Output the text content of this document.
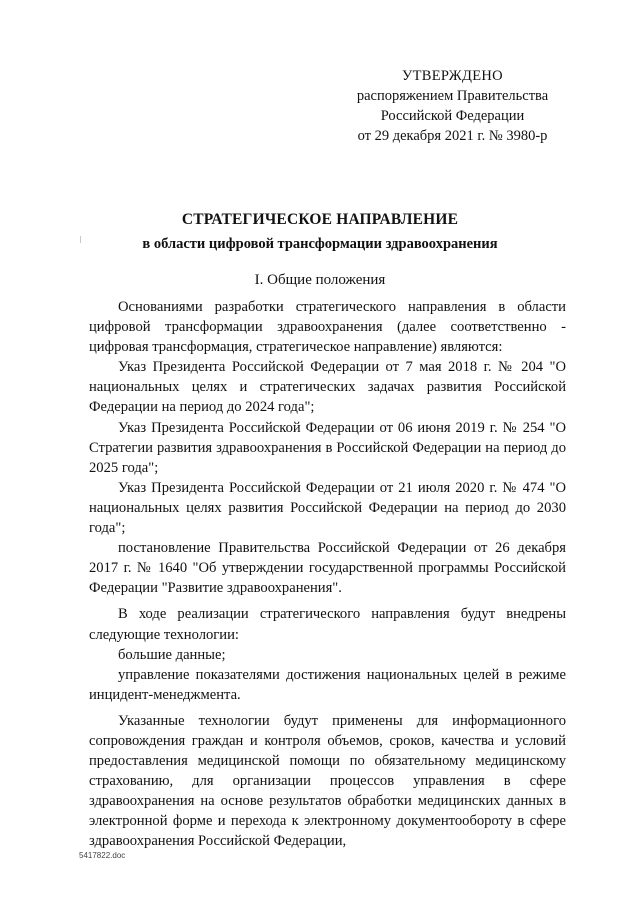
УТВЕРЖДЕНО
распоряжением Правительства
Российской Федерации
от 29 декабря 2021 г. № 3980-р
СТРАТЕГИЧЕСКОЕ НАПРАВЛЕНИЕ
в области цифровой трансформации здравоохранения
I. Общие положения

Основаниями разработки стратегического направления в области цифровой трансформации здравоохранения (далее соответственно - цифровая трансформация, стратегическое направление) являются:

Указ Президента Российской Федерации от 7 мая 2018 г. № 204 "О национальных целях и стратегических задачах развития Российской Федерации на период до 2024 года";

Указ Президента Российской Федерации от 06 июня 2019 г. № 254 "О Стратегии развития здравоохранения в Российской Федерации на период до 2025 года";

Указ Президента Российской Федерации от 21 июля 2020 г. № 474 "О национальных целях развития Российской Федерации на период до 2030 года";

постановление Правительства Российской Федерации от 26 декабря 2017 г. № 1640 "Об утверждении государственной программы Российской Федерации "Развитие здравоохранения".

В ходе реализации стратегического направления будут внедрены следующие технологии:

большие данные;

управление показателями достижения национальных целей в режиме инцидент-менеджмента.

Указанные технологии будут применены для информационного сопровождения граждан и контроля объемов, сроков, качества и условий предоставления медицинской помощи по обязательному медицинскому страхованию, для организации процессов управления в сфере здравоохранения на основе результатов обработки медицинских данных в электронной форме и перехода к электронному документообороту в сфере здравоохранения Российской Федерации,

5417822.doc
